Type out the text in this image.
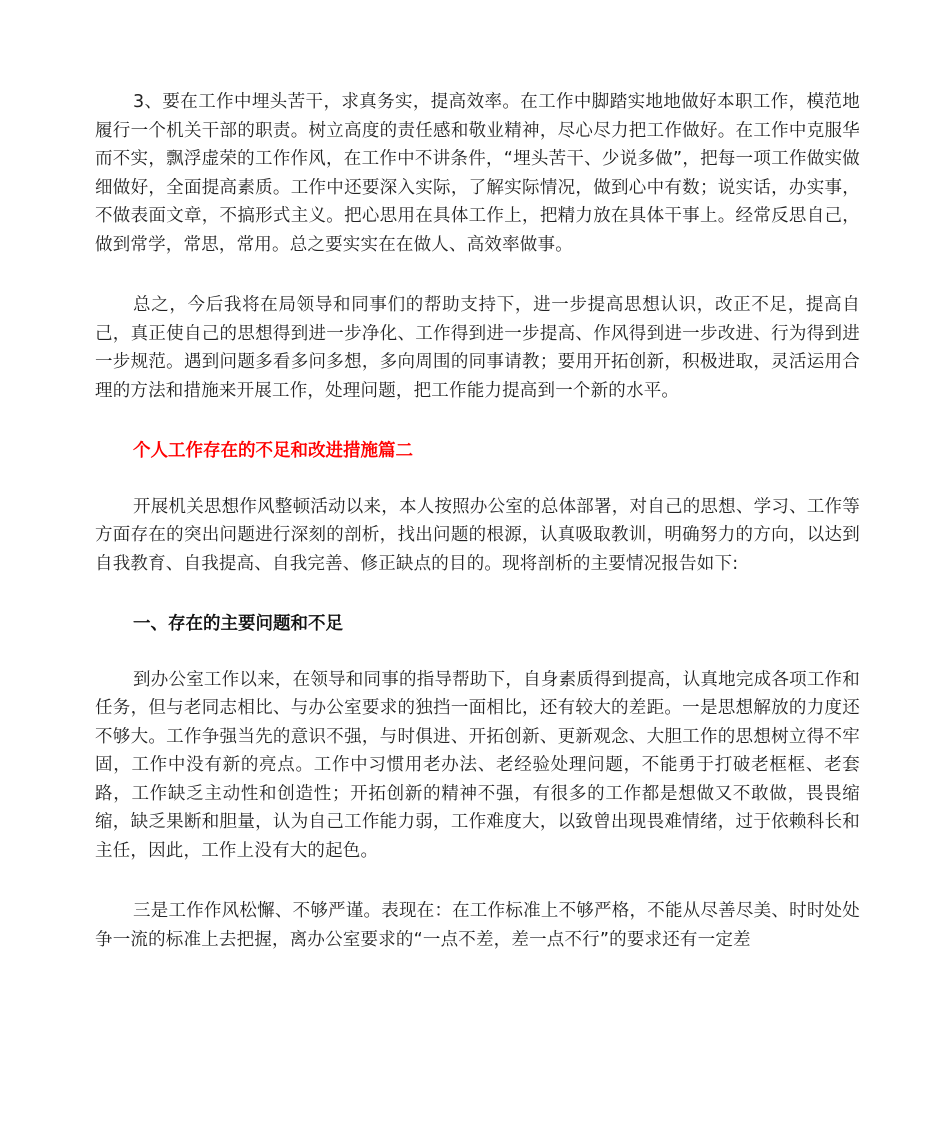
3、要在工作中埋头苦干，求真务实，提高效率。在工作中脚踏实地地做好本职工作，模范地履行一个机关干部的职责。树立高度的责任感和敬业精神，尽心尽力把工作做好。在工作中克服华而不实，飘浮虚荣的工作作风，在工作中不讲条件，“埋头苦干、少说多做”，把每一项工作做实做细做好，全面提高素质。工作中还要深入实际，了解实际情况，做到心中有数；说实话，办实事，不做表面文章，不搞形式主义。把心思用在具体工作上，把精力放在具体干事上。经常反思自己，做到常学，常思，常用。总之要实实在在做人、高效率做事。

总之，今后我将在局领导和同事们的帮助支持下，进一步提高思想认识，改正不足，提高自己，真正使自己的思想得到进一步净化、工作得到进一步提高、作风得到进一步改进、行为得到进一步规范。遇到问题多看多问多想，多向周围的同事请教；要用开拓创新，积极进取，灵活运用合理的方法和措施来开展工作，处理问题，把工作能力提高到一个新的水平。

个人工作存在的不足和改进措施篇二

开展机关思想作风整顿活动以来，本人按照办公室的总体部署，对自己的思想、学习、工作等方面存在的突出问题进行深刻的剖析，找出问题的根源，认真吸取教训，明确努力的方向，以达到自我教育、自我提高、自我完善、修正缺点的目的。现将剖析的主要情况报告如下:

一、存在的主要问题和不足

到办公室工作以来，在领导和同事的指导帮助下，自身素质得到提高，认真地完成各项工作和任务，但与老同志相比、与办公室要求的独挡一面相比，还有较大的差距。一是思想解放的力度还不够大。工作争强当先的意识不强，与时俱进、开拓创新、更新观念、大胆工作的思想树立得不牢固，工作中没有新的亮点。工作中习惯用老办法、老经验处理问题，不能勇于打破老框框、老套路，工作缺乏主动性和创造性；开拓创新的精神不强，有很多的工作都是想做又不敢做，畏畏缩缩，缺乏果断和胆量，认为自己工作能力弱，工作难度大，以致曾出现畏难情绪，过于依赖科长和主任，因此，工作上没有大的起色。

三是工作作风松懈、不够严谨。表现在：在工作标准上不够严格，不能从尽善尽美、时时处处争一流的标准上去把握，离办公室要求的“一点不差，差一点不行”的要求还有一定差
